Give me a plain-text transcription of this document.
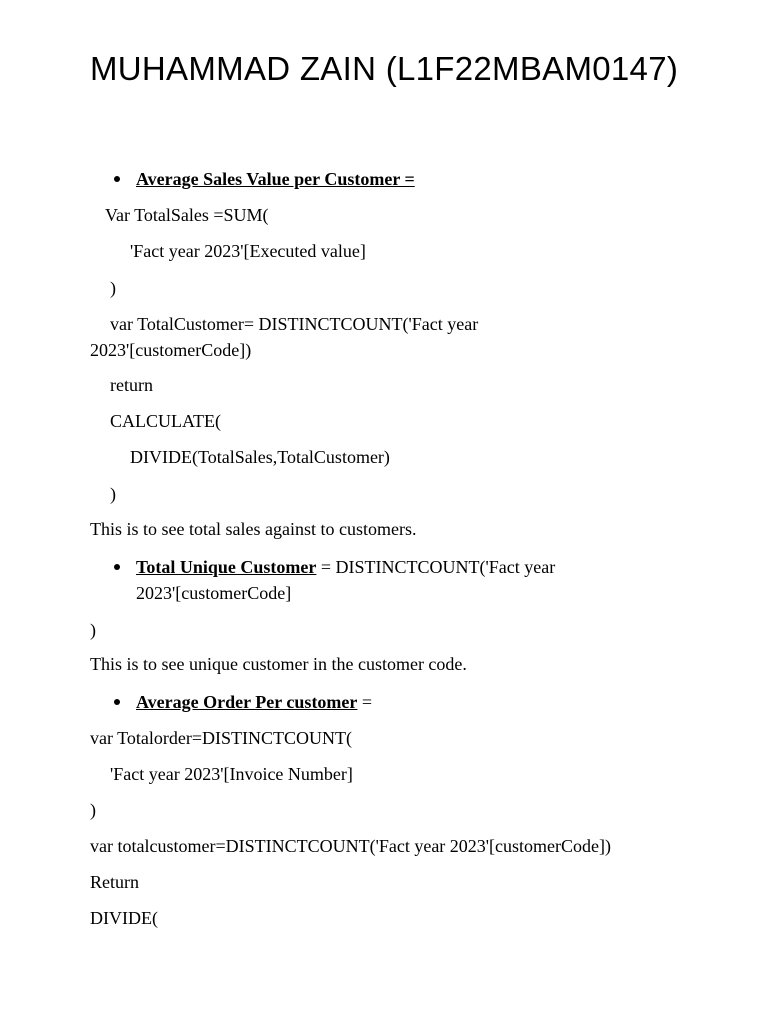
MUHAMMAD ZAIN (L1F22MBAM0147)
Average Sales Value per Customer =
Var TotalSales =SUM(
'Fact year 2023'[Executed value]
)
var TotalCustomer= DISTINCTCOUNT('Fact year
2023'[customerCode])
return
CALCULATE(
DIVIDE(TotalSales,TotalCustomer)
)
This is to see total sales against to customers.
Total Unique Customer = DISTINCTCOUNT('Fact year
2023'[customerCode]
)
This is to see unique customer in the customer code.
Average Order Per customer =
var Totalorder=DISTINCTCOUNT(
'Fact year 2023'[Invoice Number]
)
var totalcustomer=DISTINCTCOUNT('Fact year 2023'[customerCode])
Return
DIVIDE(
